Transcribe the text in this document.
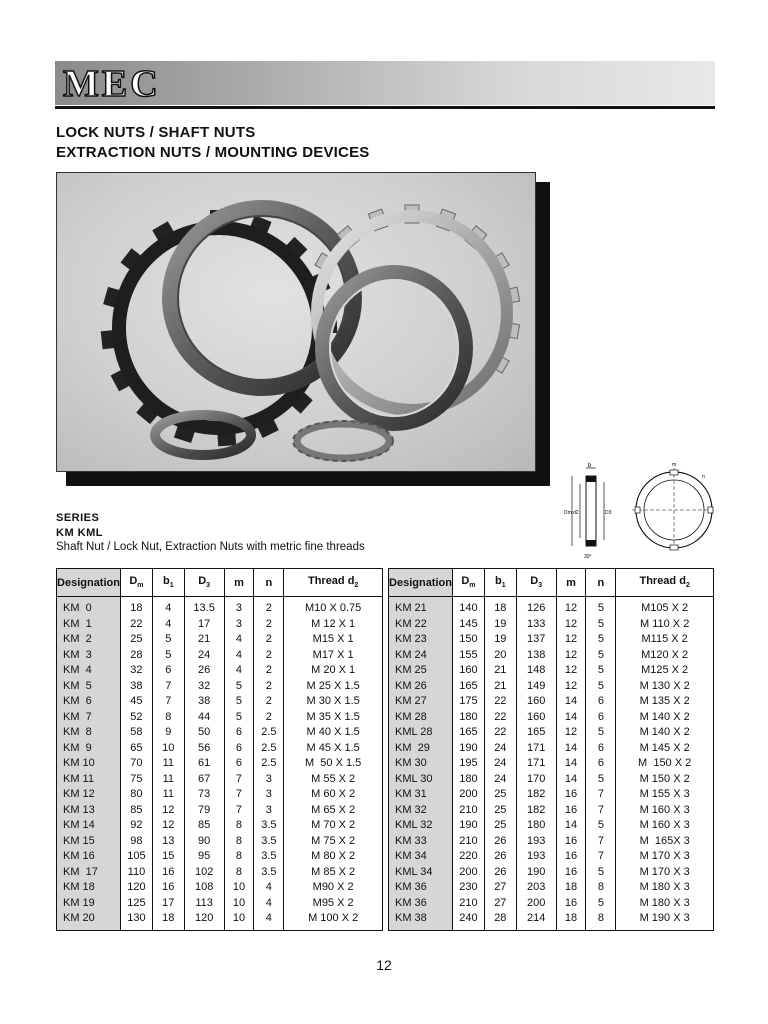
MEC
LOCK NUTS / SHAFT NUTS
EXTRACTION NUTS / MOUNTING DEVICES
SERIES
KM KML
Shaft Nut / Lock Nut, Extraction Nuts with metric fine threads
b
Dm d2	D3
30°
m
n
Designation	$D_m$	$b_1$	$D_3$	m	n	Thread $d_2$
KM  0	18	4	13.5	3	2	M10 X 0.75
KM  1	22	4	17	3	2	M 12 X 1
KM  2	25	5	21	4	2	M15 X 1
KM  3	28	5	24	4	2	M17 X 1
KM  4	32	6	26	4	2	M 20 X 1
KM  5	38	7	32	5	2	M 25 X 1.5
KM  6	45	7	38	5	2	M 30 X 1.5
KM  7	52	8	44	5	2	M 35 X 1.5
KM  8	58	9	50	6	2.5	M 40 X 1.5
KM  9	65	10	56	6	2.5	M 45 X 1.5
KM 10	70	11	61	6	2.5	M  50 X 1.5
KM 11	75	11	67	7	3	M 55 X 2
KM 12	80	11	73	7	3	M 60 X 2
KM 13	85	12	79	7	3	M 65 X 2
KM 14	92	12	85	8	3.5	M 70 X 2
KM 15	98	13	90	8	3.5	M 75 X 2
KM 16	105	15	95	8	3.5	M 80 X 2
KM  17	110	16	102	8	3.5	M 85 X 2
KM 18	120	16	108	10	4	M90 X 2
KM 19	125	17	113	10	4	M95 X 2
KM 20	130	18	120	10	4	M 100 X 2
Designation	$D_m$	$b_1$	$D_3$	m	n	Thread $d_2$
KM 21	140	18	126	12	5	M105 X 2
KM 22	145	19	133	12	5	M 110 X 2
KM 23	150	19	137	12	5	M115 X 2
KM 24	155	20	138	12	5	M120 X 2
KM 25	160	21	148	12	5	M125 X 2
KM 26	165	21	149	12	5	M 130 X 2
KM 27	175	22	160	14	6	M 135 X 2
KM 28	180	22	160	14	6	M 140 X 2
KML 28	165	22	165	12	5	M 140 X 2
KM  29	190	24	171	14	6	M 145 X 2
KM 30	195	24	171	14	6	M  150 X 2
KML 30	180	24	170	14	5	M 150 X 2
KM 31	200	25	182	16	7	M 155 X 3
KM 32	210	25	182	16	7	M 160 X 3
KML 32	190	25	180	14	5	M 160 X 3
KM 33	210	26	193	16	7	M  165X 3
KM 34	220	26	193	16	7	M 170 X 3
KML 34	200	26	190	16	5	M 170 X 3
KM 36	230	27	203	18	8	M 180 X 3
KM 36	210	27	200	16	5	M 180 X 3
KM 38	240	28	214	18	8	M 190 X 3
12
